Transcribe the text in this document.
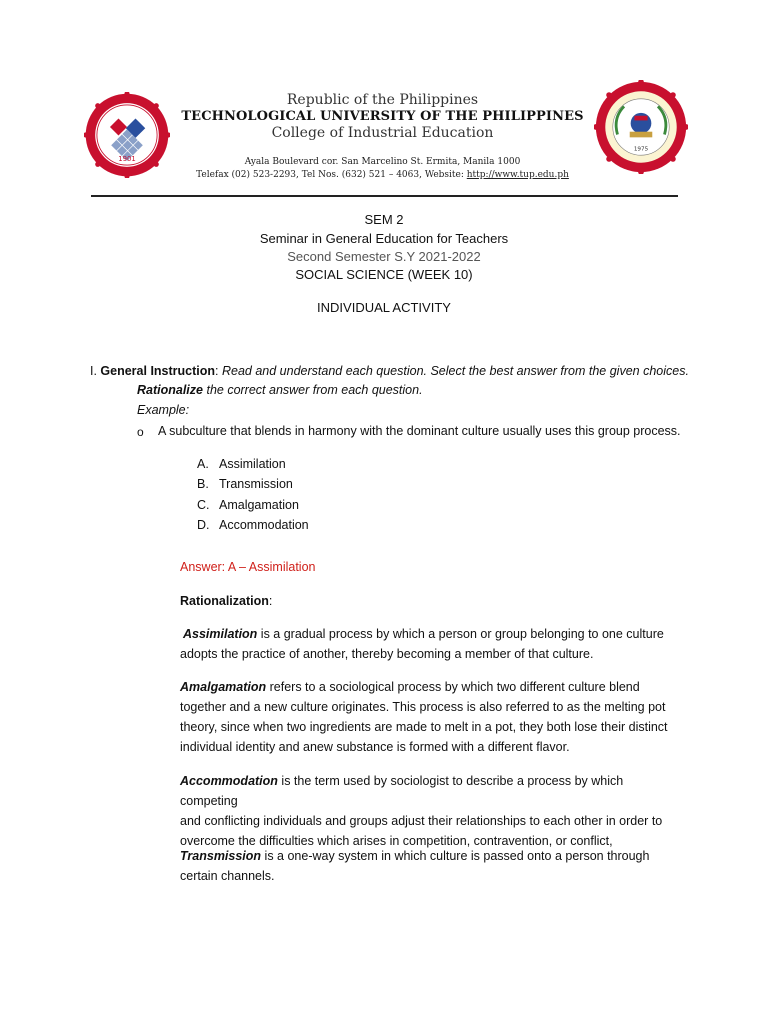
1901
1975
Republic of the Philippines
TECHNOLOGICAL UNIVERSITY OF THE PHILIPPINES
College of Industrial Education
Ayala Boulevard cor. San Marcelino St. Ermita, Manila 1000
Telefax (02) 523-2293, Tel Nos. (632) 521 – 4063, Website: http://www.tup.edu.ph
SEM 2
Seminar in General Education for Teachers
Second Semester S.Y 2021-2022
SOCIAL SCIENCE (WEEK 10)
INDIVIDUAL ACTIVITY
I. General Instruction: Read and understand each question. Select the best answer from the given choices.
Rationalize the correct answer from each question.
Example:
o A subculture that blends in harmony with the dominant culture usually uses this group process.
A. Assimilation
B. Transmission
C. Amalgamation
D. Accommodation
Answer: A – Assimilation
Rationalization:
Assimilation is a gradual process by which a person or group belonging to one culture
adopts the practice of another, thereby becoming a member of that culture.
Amalgamation refers to a sociological process by which two different culture blend
together and a new culture originates. This process is also referred to as the melting pot
theory, since when two ingredients are made to melt in a pot, they both lose their distinct
individual identity and anew substance is formed with a different flavor.
Accommodation is the term used by sociologist to describe a process by which competing
and conflicting individuals and groups adjust their relationships to each other in order to
overcome the difficulties which arises in competition, contravention, or conflict,
Transmission is a one-way system in which culture is passed onto a person through
certain channels.
